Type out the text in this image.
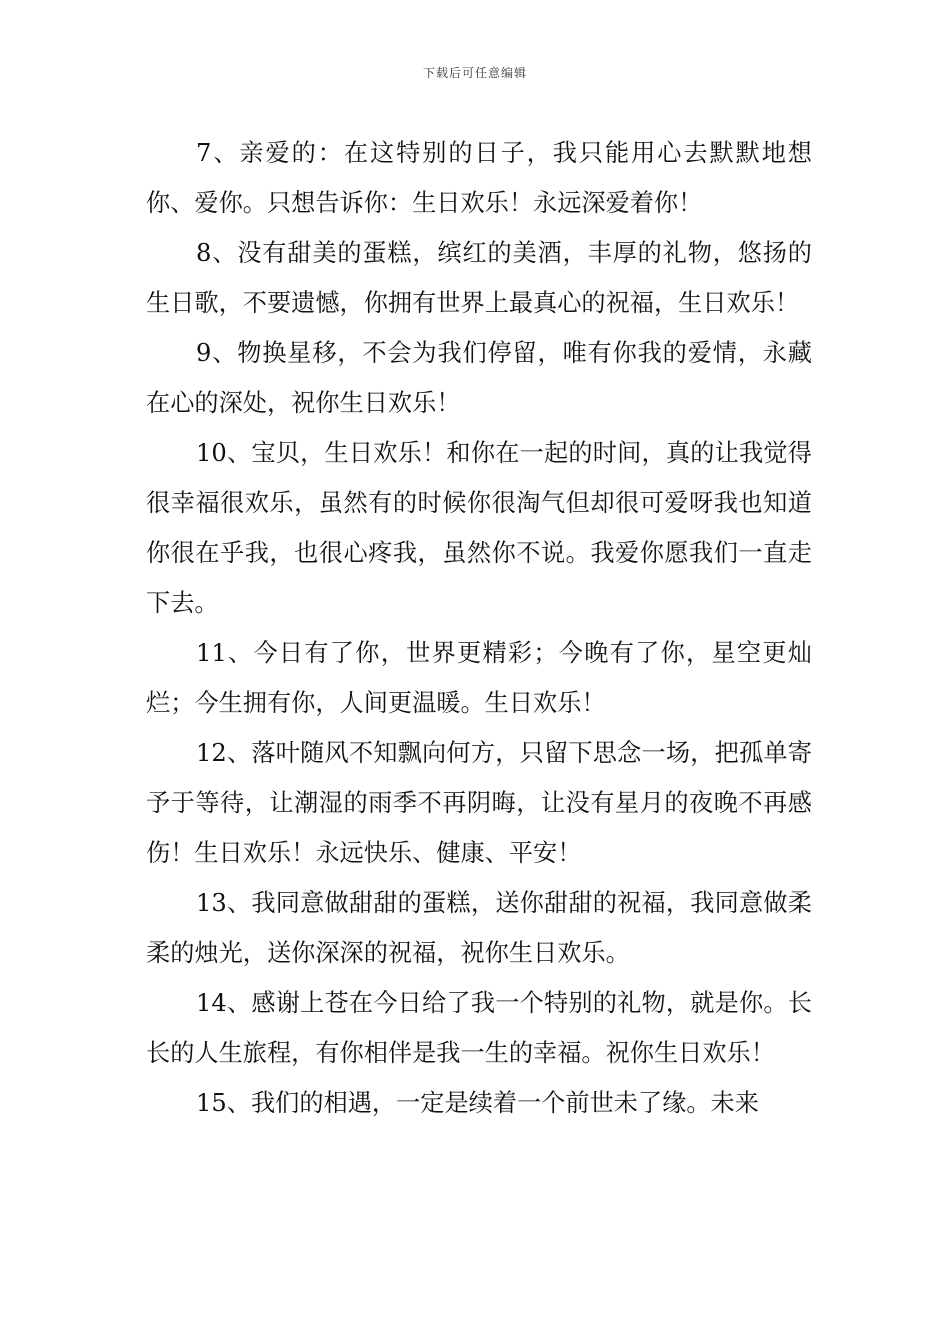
下载后可任意编辑

7、亲爱的：在这特别的日子，我只能用心去默默地想你、爱你。只想告诉你：生日欢乐！永远深爱着你！

8、没有甜美的蛋糕，缤红的美酒，丰厚的礼物，悠扬的生日歌，不要遗憾，你拥有世界上最真心的祝福，生日欢乐！

9、物换星移，不会为我们停留，唯有你我的爱情，永藏在心的深处，祝你生日欢乐！

10、宝贝，生日欢乐！和你在一起的时间，真的让我觉得很幸福很欢乐，虽然有的时候你很淘气但却很可爱呀我也知道你很在乎我，也很心疼我，虽然你不说。我爱你愿我们一直走下去。

11、今日有了你，世界更精彩；今晚有了你，星空更灿烂；今生拥有你，人间更温暖。生日欢乐！

12、落叶随风不知飘向何方，只留下思念一场，把孤单寄予于等待，让潮湿的雨季不再阴晦，让没有星月的夜晚不再感伤！生日欢乐！永远快乐、健康、平安！

13、我同意做甜甜的蛋糕，送你甜甜的祝福，我同意做柔柔的烛光，送你深深的祝福，祝你生日欢乐。

14、感谢上苍在今日给了我一个特别的礼物，就是你。长长的人生旅程，有你相伴是我一生的幸福。祝你生日欢乐！

15、我们的相遇，一定是续着一个前世未了缘。未来
